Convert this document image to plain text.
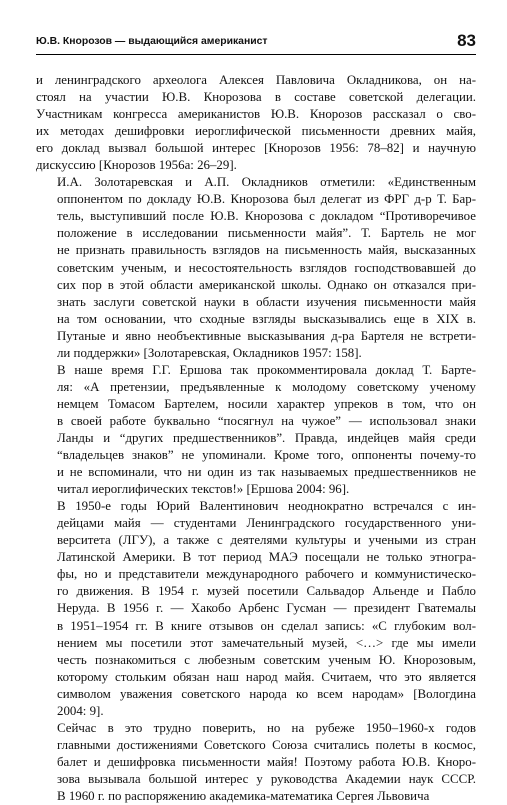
Ю.В. Кнорозов — выдающийся американист	83

и ленинградского археолога Алексея Павловича Окладникова, он на-
стоял на участии Ю.В. Кнорозова в составе советской делегации.
Участникам конгресса американистов Ю.В. Кнорозов рассказал о сво-
их методах дешифровки иероглифической письменности древних майя,
его доклад вызвал большой интерес [Кнорозов 1956: 78–82] и научную
дискуссию [Кнорозов 1956а: 26–29].

И.А. Золотаревская и А.П. Окладников отметили: «Единственным
оппонентом по докладу Ю.В. Кнорозова был делегат из ФРГ д-р Т. Бар-
тель, выступивший после Ю.В. Кнорозова с докладом “Противоречивое
положение в исследовании письменности майя”. Т. Бартель не мог
не признать правильность взглядов на письменность майя, высказанных
советским ученым, и несостоятельность взглядов господствовавшей до
сих пор в этой области американской школы. Однако он отказался при-
знать заслуги советской науки в области изучения письменности майя
на том основании, что сходные взгляды высказывались еще в XIX в.
Путаные и явно необъективные высказывания д-ра Бартеля не встрети-
ли поддержки» [Золотаревская, Окладников 1957: 158].

В наше время Г.Г. Ершова так прокомментировала доклад Т. Барте-
ля: «А претензии, предъявленные к молодому советскому ученому
немцем Томасом Бартелем, носили характер упреков в том, что он
в своей работе буквально “посягнул на чужое” — использовал знаки
Ланды и “других предшественников”. Правда, индейцев майя среди
“владельцев знаков” не упоминали. Кроме того, оппоненты почему-то
и не вспоминали, что ни один из так называемых предшественников не
читал иероглифических текстов!» [Ершова 2004: 96].

В 1950-е годы Юрий Валентинович неоднократно встречался с ин-
дейцами майя — студентами Ленинградского государственного уни-
верситета (ЛГУ), а также с деятелями культуры и учеными из стран
Латинской Америки. В тот период МАЭ посещали не только этногра-
фы, но и представители международного рабочего и коммунистическо-
го движения. В 1954 г. музей посетили Сальвадор Альенде и Пабло
Неруда. В 1956 г. — Хакобо Арбенс Гусман — президент Гватемалы
в 1951–1954 гг. В книге отзывов он сделал запись: «С глубоким вол-
нением мы посетили этот замечательный музей, <…> где мы имели
честь познакомиться с любезным советским ученым Ю. Кнорозовым,
которому стольким обязан наш народ майя. Считаем, что это является
символом уважения советского народа ко всем народам» [Вологдина
2004: 9].

Сейчас в это трудно поверить, но на рубеже 1950–1960-х годов
главными достижениями Советского Союза считались полеты в космос,
балет и дешифровка письменности майя! Поэтому работа Ю.В. Кноро-
зова вызывала большой интерес у руководства Академии наук СССР.
В 1960 г. по распоряжению академика-математика Сергея Львовича
